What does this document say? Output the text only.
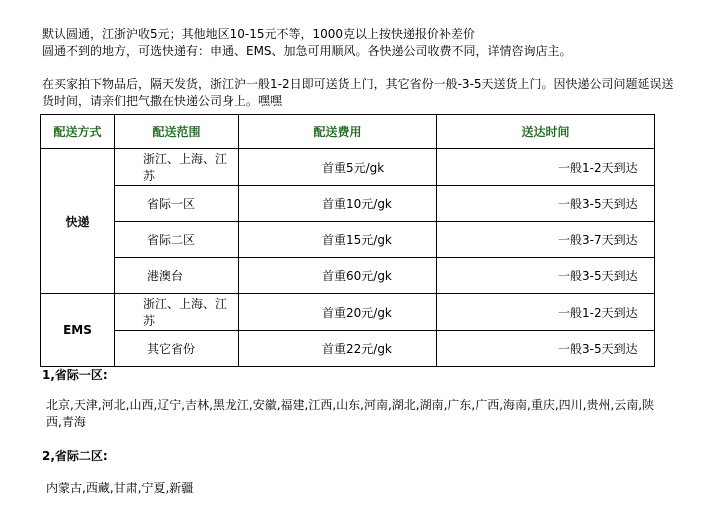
默认圆通，江浙沪收5元；其他地区10-15元不等，1000克以上按快递报价补差价

圆通不到的地方，可选快递有：申通、EMS、加急可用顺风。各快递公司收费不同，详情咨询店主。

在买家拍下物品后，隔天发货，浙江沪一般1-2日即可送货上门，其它省份一般-3-5天送货上门。因快递公司问题延误送货时间，请亲们把气撒在快递公司身上。嘿嘿

配送方式	配送范围	配送费用	送达时间
快递	浙江、上海、江苏	首重5元/gk	一般1-2天到达
	省际一区	首重10元/gk	一般3-5天到达
	省际二区	首重15元/gk	一般3-7天到达
	港澳台	首重60元/gk	一般3-5天到达
EMS	浙江、上海、江苏	首重20元/gk	一般1-2天到达
	其它省份	首重22元/gk	一般3-5天到达
1,省际一区:
北京,天津,河北,山西,辽宁,吉林,黑龙江,安徽,福建,江西,山东,河南,湖北,湖南,广东,广西,海南,重庆,四川,贵州,云南,陕西,青海
2,省际二区:
内蒙古,西藏,甘肃,宁夏,新疆
